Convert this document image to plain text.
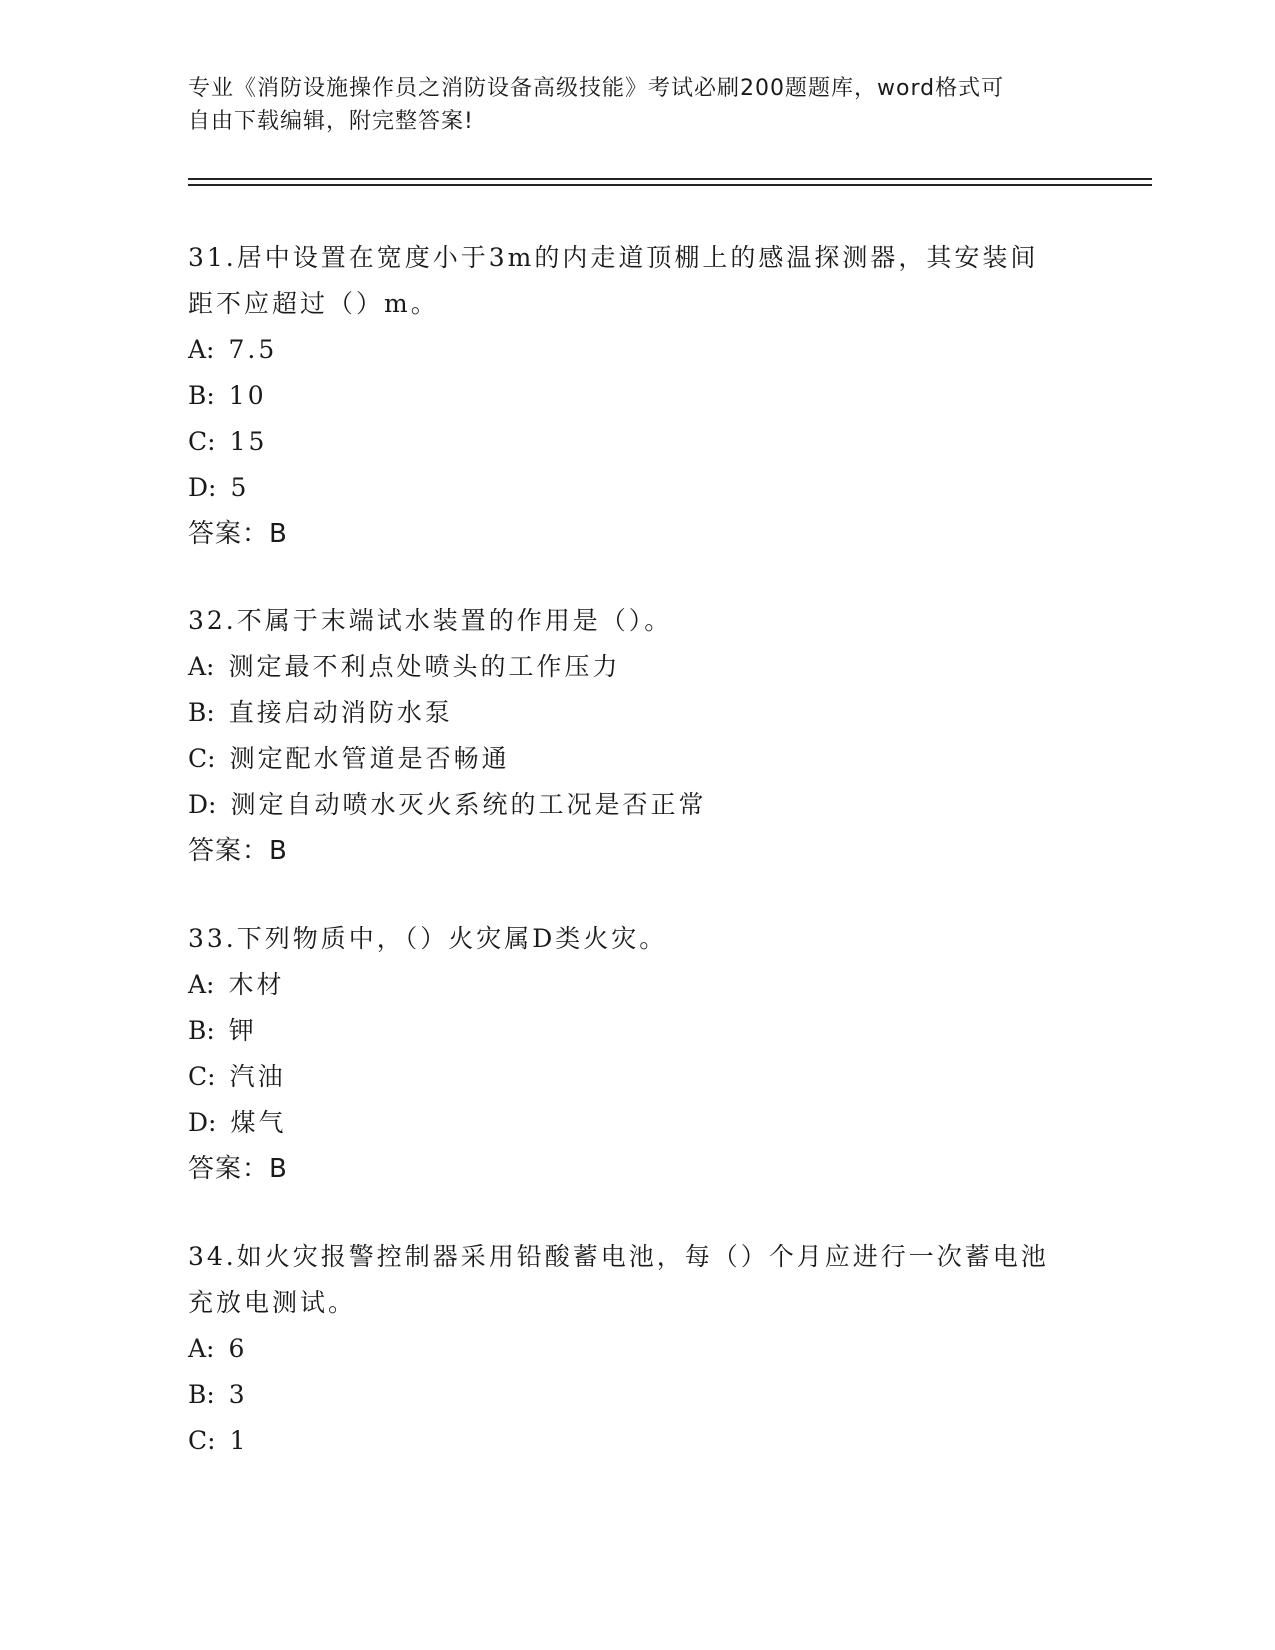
专业《消防设施操作员之消防设备高级技能》考试必刷200题题库，word格式可
自由下载编辑，附完整答案!
31.居中设置在宽度小于3m的内走道顶棚上的感温探测器，其安装间
距不应超过（）m。
A: 7.5
B: 10
C: 15
D: 5
答案：B
32.不属于末端试水装置的作用是（）。
A: 测定最不利点处喷头的工作压力
B: 直接启动消防水泵
C: 测定配水管道是否畅通
D: 测定自动喷水灭火系统的工况是否正常
答案：B
33.下列物质中，（）火灾属D类火灾。
A: 木材
B: 钾
C: 汽油
D: 煤气
答案：B
34.如火灾报警控制器采用铅酸蓄电池，每（）个月应进行一次蓄电池
充放电测试。
A: 6
B: 3
C: 1
